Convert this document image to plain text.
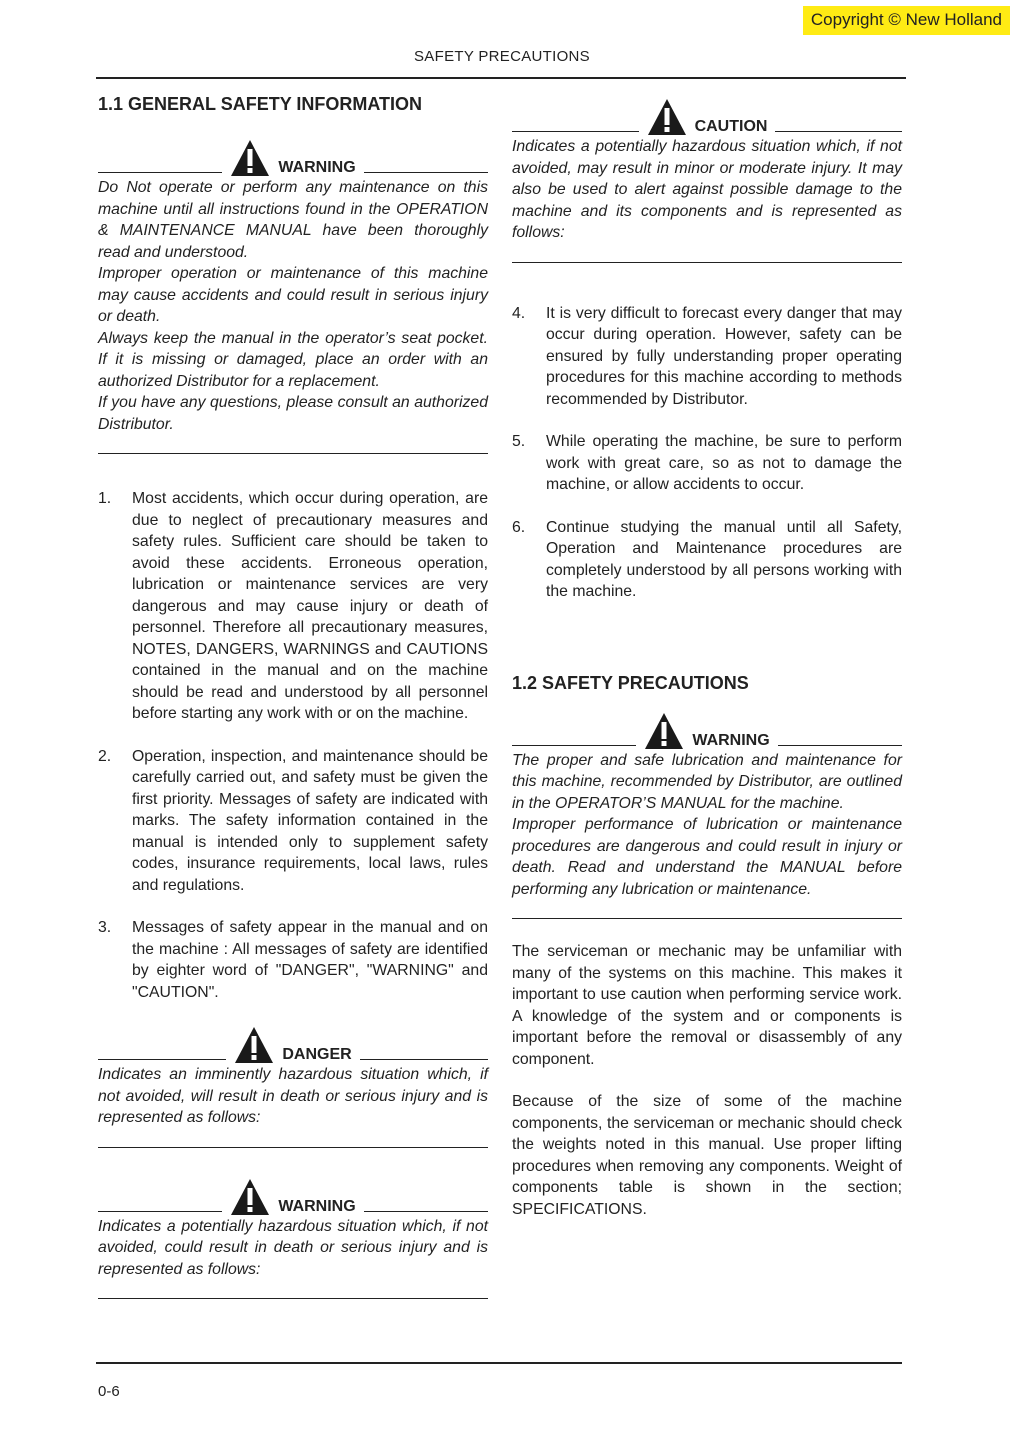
Copyright © New Holland
SAFETY PRECAUTIONS
1.1 GENERAL SAFETY INFORMATION
WARNING

Do Not operate or perform any maintenance on this machine until all instructions found in the OPERATION & MAINTENANCE MANUAL have been thoroughly read and understood.

Improper operation or maintenance of this machine may cause accidents and could result in serious injury or death.

Always keep the manual in the operator’s seat pocket. If it is missing or damaged, place an order with an authorized Distributor for a replacement.

If you have any questions, please consult an authorized Distributor.

1. Most accidents, which occur during operation, are due to neglect of precautionary measures and safety rules. Sufficient care should be taken to avoid these accidents. Erroneous operation, lubrication or maintenance services are very dangerous and may cause injury or death of personnel. Therefore all precautionary measures, NOTES, DANGERS, WARNINGS and CAUTIONS contained in the manual and on the machine should be read and understood by all personnel before starting any work with or on the machine.
2. Operation, inspection, and maintenance should be carefully carried out, and safety must be given the first priority. Messages of safety are indicated with marks. The safety information contained in the manual is intended only to supplement safety codes, insurance requirements, local laws, rules and regulations.
3. Messages of safety appear in the manual and on the machine : All messages of safety are identified by eighter word of "DANGER", "WARNING" and "CAUTION".
DANGER

Indicates an imminently hazardous situation which, if not avoided, will result in death or serious injury and is represented as follows:

WARNING

Indicates a potentially hazardous situation which, if not avoided, could result in death or serious injury and is represented as follows:

CAUTION

Indicates a potentially hazardous situation which, if not avoided, may result in minor or moderate injury. It may also be used to alert against possible damage to the machine and its components and is represented as follows:

4. It is very difficult to forecast every danger that may occur during operation. However, safety can be ensured by fully understanding proper operating procedures for this machine according to methods recommended by Distributor.
5. While operating the machine, be sure to perform work with great care, so as not to damage the machine, or allow accidents to occur.
6. Continue studying the manual until all Safety, Operation and Maintenance procedures are completely understood by all persons working with the machine.
1.2 SAFETY PRECAUTIONS
WARNING

The proper and safe lubrication and maintenance for this machine, recommended by Distributor, are outlined in the OPERATOR’S MANUAL for the machine.

Improper performance of lubrication or maintenance procedures are dangerous and could result in injury or death. Read and understand the MANUAL before performing any lubrication or maintenance.

The serviceman or mechanic may be unfamiliar with many of the systems on this machine. This makes it important to use caution when performing service work. A knowledge of the system and or components is important before the removal or disassembly of any component.

Because of the size of some of the machine components, the serviceman or mechanic should check the weights noted in this manual. Use proper lifting procedures when removing any components. Weight of components table is shown in the section; SPECIFICATIONS.

0-6
